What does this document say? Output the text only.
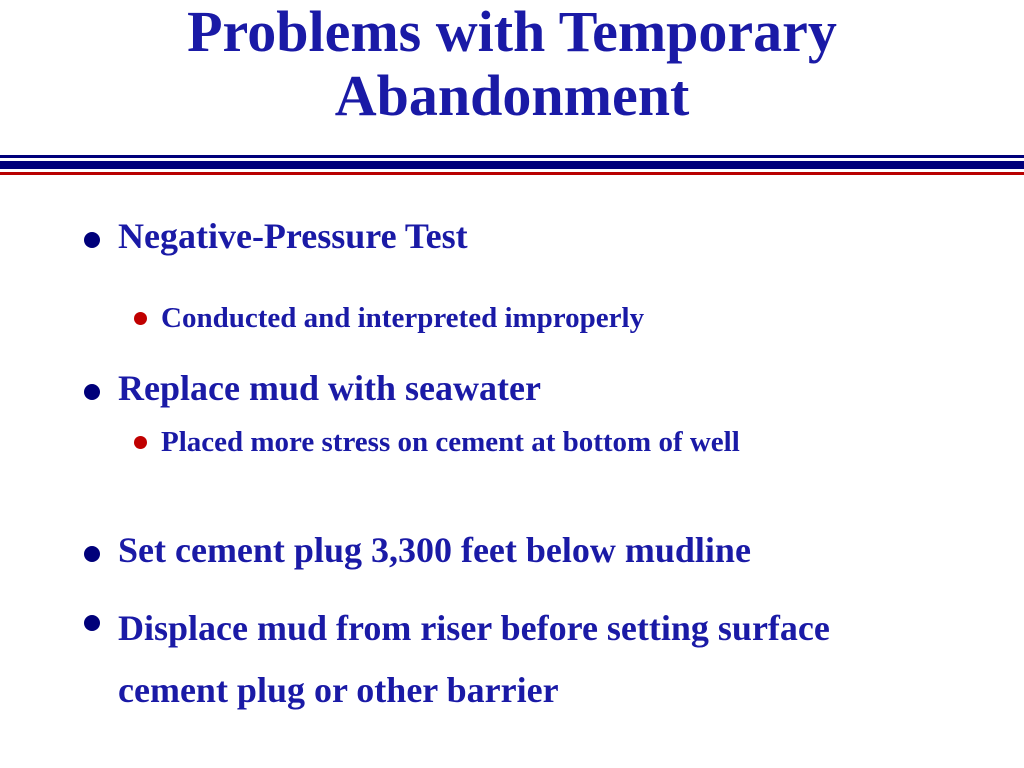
Problems with Temporary
Abandonment
Negative-Pressure Test
Conducted and interpreted improperly
Replace mud with seawater
Placed more stress on cement at bottom of well
Set cement plug 3,300 feet below mudline
Displace mud from riser before setting surface cement plug or other barrier
